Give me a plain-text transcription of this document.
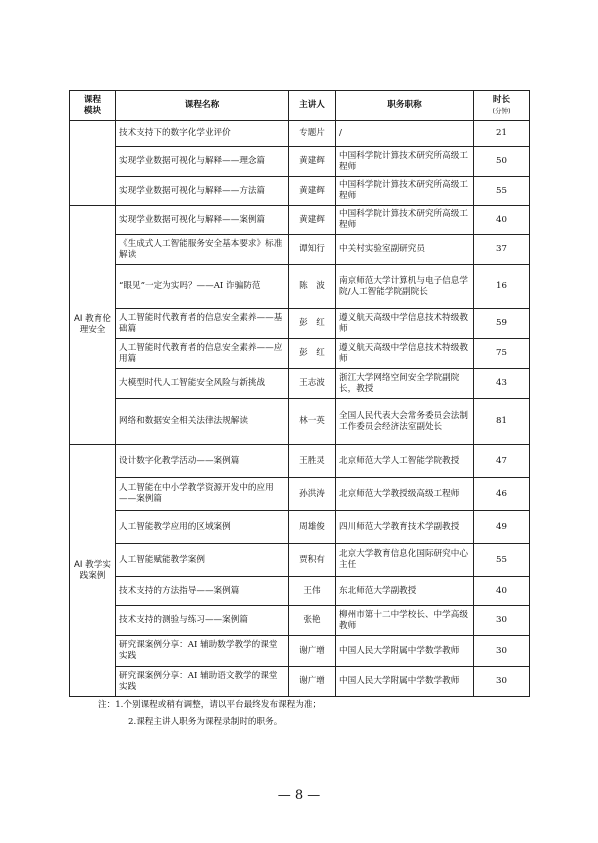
课程
模块	课程名称	主讲人	职务职称	时长
(分钟)

	技术支持下的数字化学业评价	专题片	/	21
	实现学业数据可视化与解释——理念篇	黄建辉	中国科学院计算技术研究所高级工程师	50
	实现学业数据可视化与解释——方法篇	黄建辉	中国科学院计算技术研究所高级工程师	55
AI 教育伦理安全	实现学业数据可视化与解释——案例篇	黄建辉	中国科学院计算技术研究所高级工程师	40
	《生成式人工智能服务安全基本要求》标准解读	谭知行	中关村实验室副研究员	37
	“眼见”一定为实吗？——AI 诈骗防范	陈　波	南京师范大学计算机与电子信息学院/人工智能学院副院长	16
	人工智能时代教育者的信息安全素养——基础篇	彭　红	遵义航天高级中学信息技术特级教师	59
	人工智能时代教育者的信息安全素养——应用篇	彭　红	遵义航天高级中学信息技术特级教师	75
	大模型时代人工智能安全风险与新挑战	王志波	浙江大学网络空间安全学院副院长，教授	43
	网络和数据安全相关法律法规解读	林一英	全国人民代表大会常务委员会法制工作委员会经济法室副处长	81
AI 教学实践案例	设计数字化教学活动——案例篇	王胜灵	北京师范大学人工智能学院教授	47
	人工智能在中小学教学资源开发中的应用——案例篇	孙洪涛	北京师范大学教授级高级工程师	46
	人工智能教学应用的区域案例	周雄俊	四川师范大学教育技术学副教授	49
	人工智能赋能教学案例	贾积有	北京大学教育信息化国际研究中心主任	55
	技术支持的方法指导——案例篇	王伟	东北师范大学副教授	40
	技术支持的测验与练习——案例篇	张艳	柳州市第十二中学校长、中学高级教师	30
	研究课案例分享：AI 辅助数学教学的课堂实践	谢广增	中国人民大学附属中学数学教师	30
	研究课案例分享：AI 辅助语文教学的课堂实践	谢广增	中国人民大学附属中学数学教师	30
注：1.个别课程或稍有调整，请以平台最终发布课程为准；
2.课程主讲人职务为课程录制时的职务。
— 8 —
